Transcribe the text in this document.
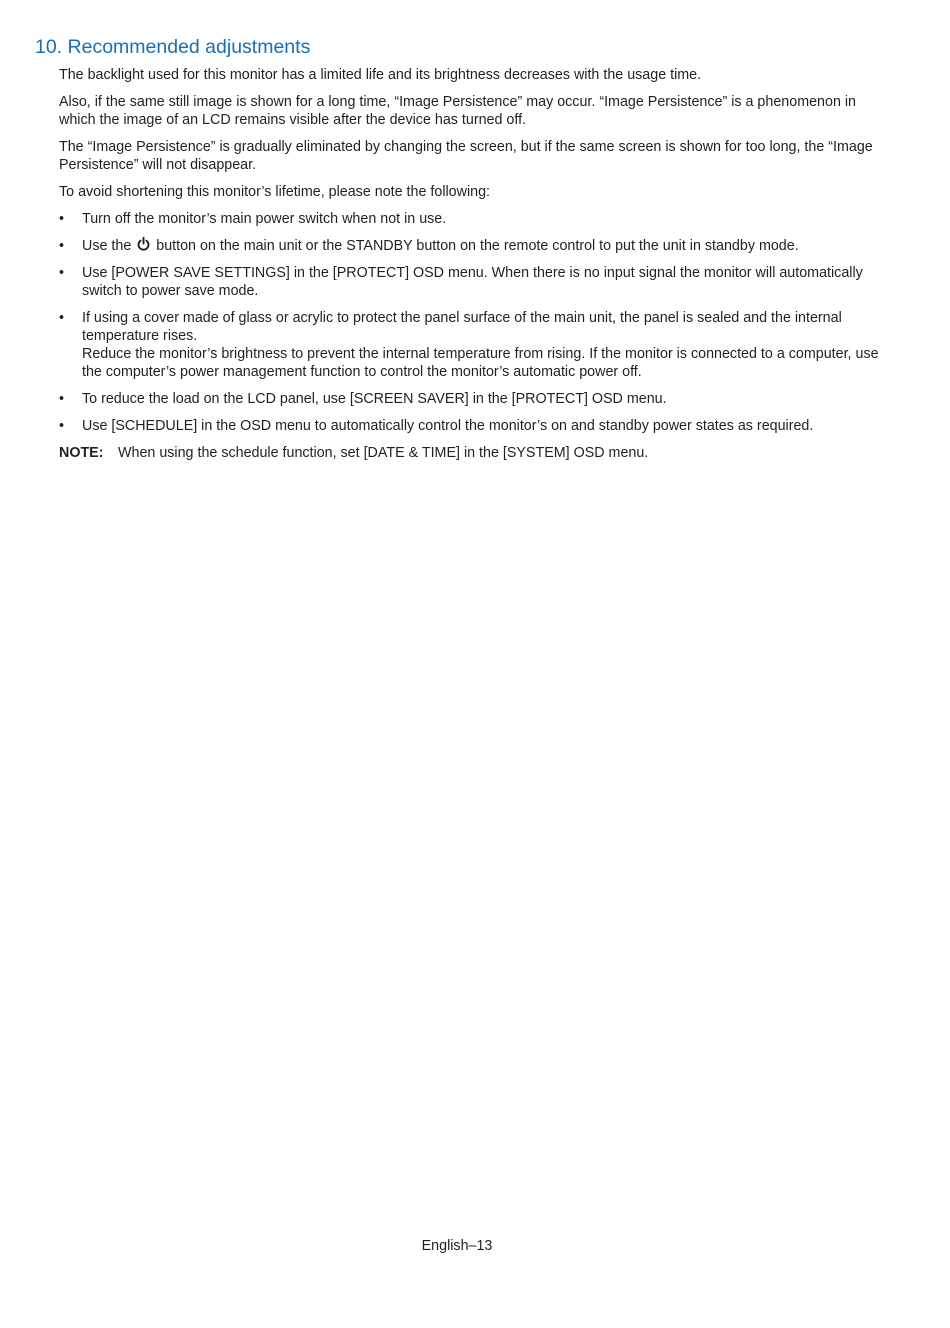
10. Recommended adjustments

The backlight used for this monitor has a limited life and its brightness decreases with the usage time.

Also, if the same still image is shown for a long time, “Image Persistence” may occur. “Image Persistence” is a phenomenon in which the image of an LCD remains visible after the device has turned off.

The “Image Persistence” is gradually eliminated by changing the screen, but if the same screen is shown for too long, the “Image Persistence” will not disappear.

To avoid shortening this monitor’s lifetime, please note the following:

•	Turn off the monitor’s main power switch when not in use.
•	Use the button on the main unit or the STANDBY button on the remote control to put the unit in standby mode.
•	Use [POWER SAVE SETTINGS] in the [PROTECT] OSD menu. When there is no input signal the monitor will automatically switch to power save mode.
•	If using a cover made of glass or acrylic to protect the panel surface of the main unit, the panel is sealed and the internal temperature rises.
Reduce the monitor’s brightness to prevent the internal temperature from rising. If the monitor is connected to a computer, use the computer’s power management function to control the monitor’s automatic power off.
•	To reduce the load on the LCD panel, use [SCREEN SAVER] in the [PROTECT] OSD menu.
•	Use [SCHEDULE] in the OSD menu to automatically control the monitor’s on and standby power states as required.

NOTE: When using the schedule function, set [DATE & TIME] in the [SYSTEM] OSD menu.

English–13
